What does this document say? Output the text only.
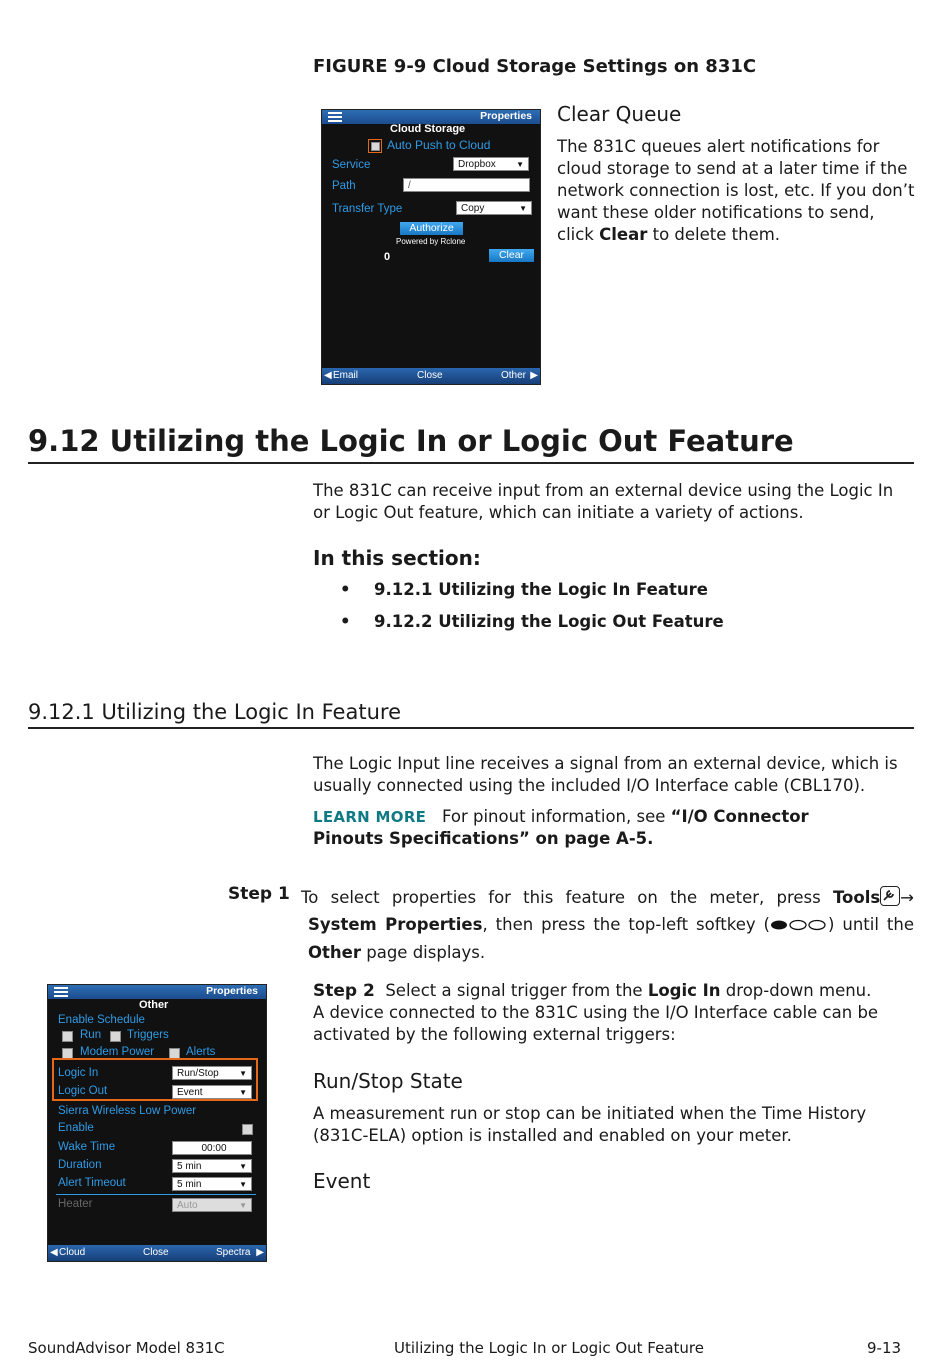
FIGURE 9-9 Cloud Storage Settings on 831C
Properties
Cloud Storage
Auto Push to Cloud
Service	Dropbox	▼
Path	/
Transfer Type	Copy	▼
Authorize
Powered by Rclone
0	Clear
◀ Email	Close	Other ▶
Clear Queue
The 831C queues alert notifications for cloud storage to send at a later time if the network connection is lost, etc. If you don’t want these older notifications to send, click Clear to delete them.
9.12 Utilizing the Logic In or Logic Out Feature
The 831C can receive input from an external device using the Logic In or Logic Out feature, which can initiate a variety of actions.
In this section:
• 9.12.1 Utilizing the Logic In Feature
• 9.12.2 Utilizing the Logic Out Feature
9.12.1 Utilizing the Logic In Feature
The Logic Input line receives a signal from an external device, which is usually connected using the included I/O Interface cable (CBL170).
LEARN MORE For pinout information, see “I/O Connector Pinouts Specifications” on page A-5.
Step 1 To select properties for this feature on the meter, press Tools → System Properties, then press the top-left softkey (	) until the Other page displays.
Properties
Other
Enable Schedule
Run Triggers
Modem Power	Alerts
Logic In	Run/Stop	▼
Logic Out	Event	▼
Sierra Wireless Low Power
Enable
Wake Time	00:00
Duration	5 min	▼
Alert Timeout	5 min	▼
Heater	Auto	▼
◀ Cloud	Close	Spectra ▶
Step 2 Select a signal trigger from the Logic In drop-down menu.
A device connected to the 831C using the I/O Interface cable can be activated by the following external triggers:
Run/Stop State
A measurement run or stop can be initiated when the Time History (831C-ELA) option is installed and enabled on your meter.
Event
SoundAdvisor Model 831C	Utilizing the Logic In or Logic Out Feature	9-13
